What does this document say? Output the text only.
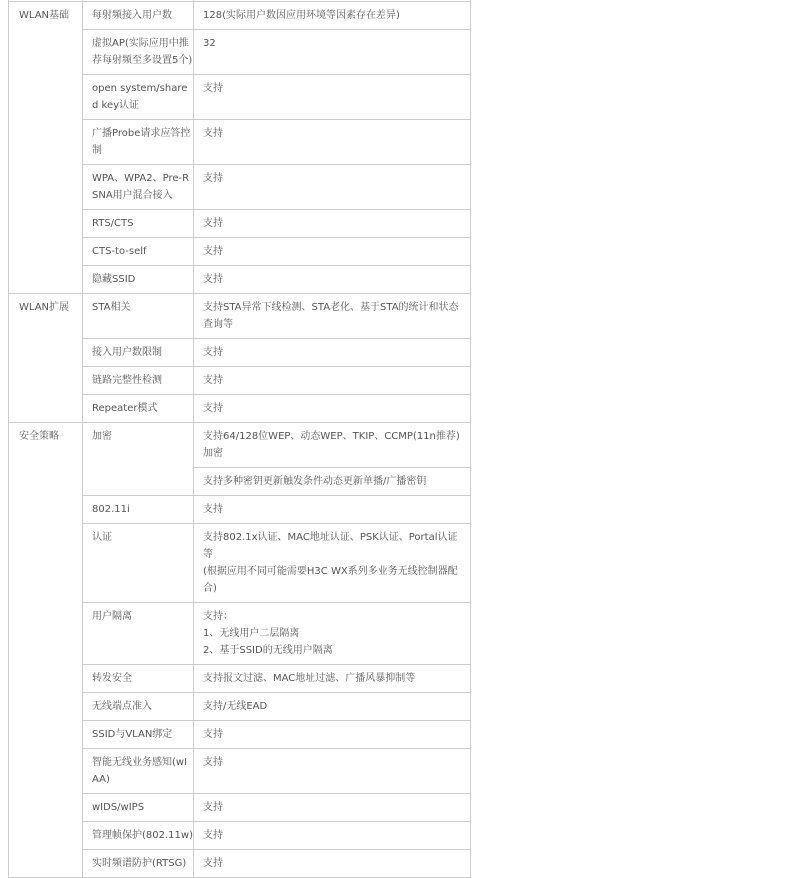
WLAN基础	每射频接入用户数	128(实际用户数因应用环境等因素存在差异)
	虚拟AP(实际应用中推荐每射频至多设置5个)	32
	open system/shared key认证	支持
	广播Probe请求应答控制	支持
	WPA、WPA2、Pre-RSNA用户混合接入	支持
	RTS/CTS	支持
	CTS-to-self	支持
	隐藏SSID	支持
WLAN扩展	STA相关	支持STA异常下线检测、STA老化、基于STA的统计和状态查询等
	接入用户数限制	支持
	链路完整性检测	支持
	Repeater模式	支持
安全策略	加密	支持64/128位WEP、动态WEP、TKIP、CCMP(11n推荐)加密
		支持多种密钥更新触发条件动态更新单播/广播密钥
	802.11i	支持
	认证	支持802.1x认证、MAC地址认证、PSK认证、Portal认证等
(根据应用不同可能需要H3C WX系列多业务无线控制器配合)
	用户隔离	支持：
1、无线用户二层隔离
2、基于SSID的无线用户隔离
	转发安全	支持报文过滤、MAC地址过滤、广播风暴抑制等
	无线端点准入	支持/无线EAD
	SSID与VLAN绑定	支持
	智能无线业务感知(wIAA)	支持
	wIDS/wIPS	支持
	管理帧保护(802.11w)	支持
	实时频谱防护(RTSG)	支持
